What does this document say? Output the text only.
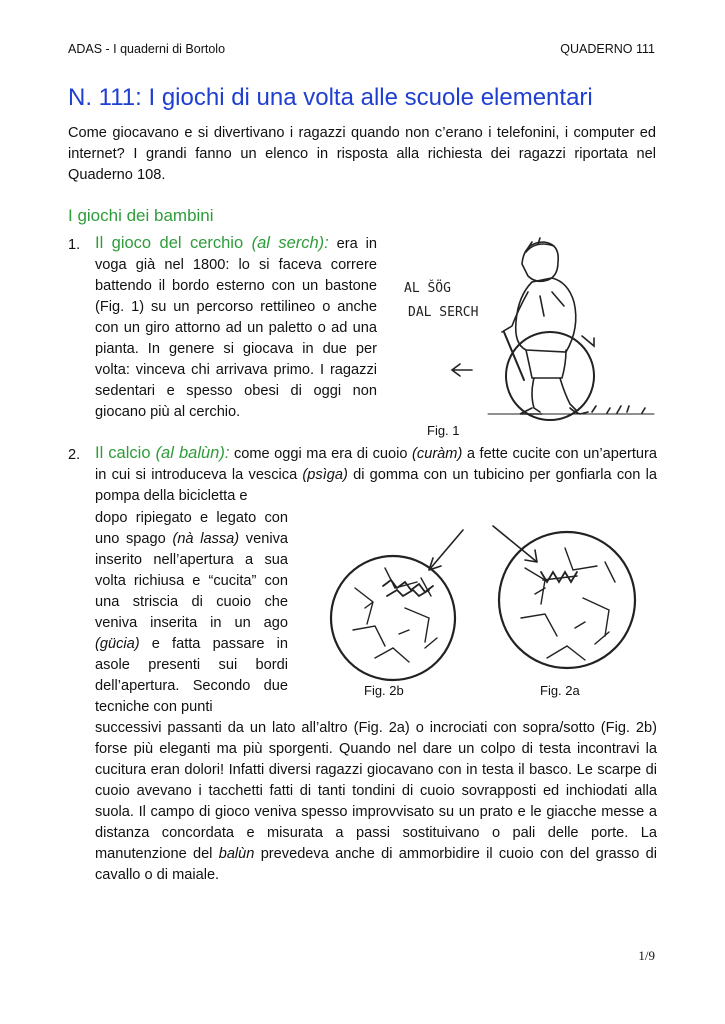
ADAS - I quaderni di Bortolo	QUADERNO 111
N. 111: I giochi di una volta alle scuole elementari
Come giocavano e si divertivano i ragazzi quando non c’erano i telefonini, i computer ed internet? I grandi fanno un elenco in risposta alla richiesta dei ragazzi riportata nel Quaderno 108.
I giochi dei bambini
1. Il gioco del cerchio (al serch): era in voga già nel 1800: lo si faceva correre battendo il bordo esterno con un bastone (Fig. 1) su un percorso rettilineo o anche con un giro attorno ad un paletto o ad una pianta. In genere si giocava in due per volta: vinceva chi arrivava primo. I ragazzi sedentari e spesso obesi di oggi non giocano più al cerchio.
AL ŠÖG
DAL SERCH
Fig. 1
2. Il calcio (al balùn): come oggi ma era di cuoio (curàm) a fette cucite con un’apertura in cui si introduceva la vescica (psìga) di gomma con un tubicino per gonfiarla con la pompa della bicicletta e
dopo ripiegato e legato con uno spago (nà lassa) veniva inserito nell’apertura a sua volta richiusa e “cucita” con una striscia di cuoio che veniva inserita in un ago (gücia) e fatta passare in asole presenti sui bordi dell’apertura. Secondo due tecniche con punti
Fig. 2b	Fig. 2a
successivi passanti da un lato all’altro (Fig. 2a) o incrociati con sopra/sotto (Fig. 2b) forse più eleganti ma più sporgenti. Quando nel dare un colpo di testa incontravi la cucitura eran dolori! Infatti diversi ragazzi giocavano con in testa il basco. Le scarpe di cuoio avevano i tacchetti fatti di tanti tondini di cuoio sovrapposti ed inchiodati alla suola. Il campo di gioco veniva spesso improvvisato su un prato e le giacche messe a distanza concordata e misurata a passi sostituivano o pali delle porte. La manutenzione del balùn prevedeva anche di ammorbidire il cuoio con del grasso di cavallo o di maiale.
1/9
